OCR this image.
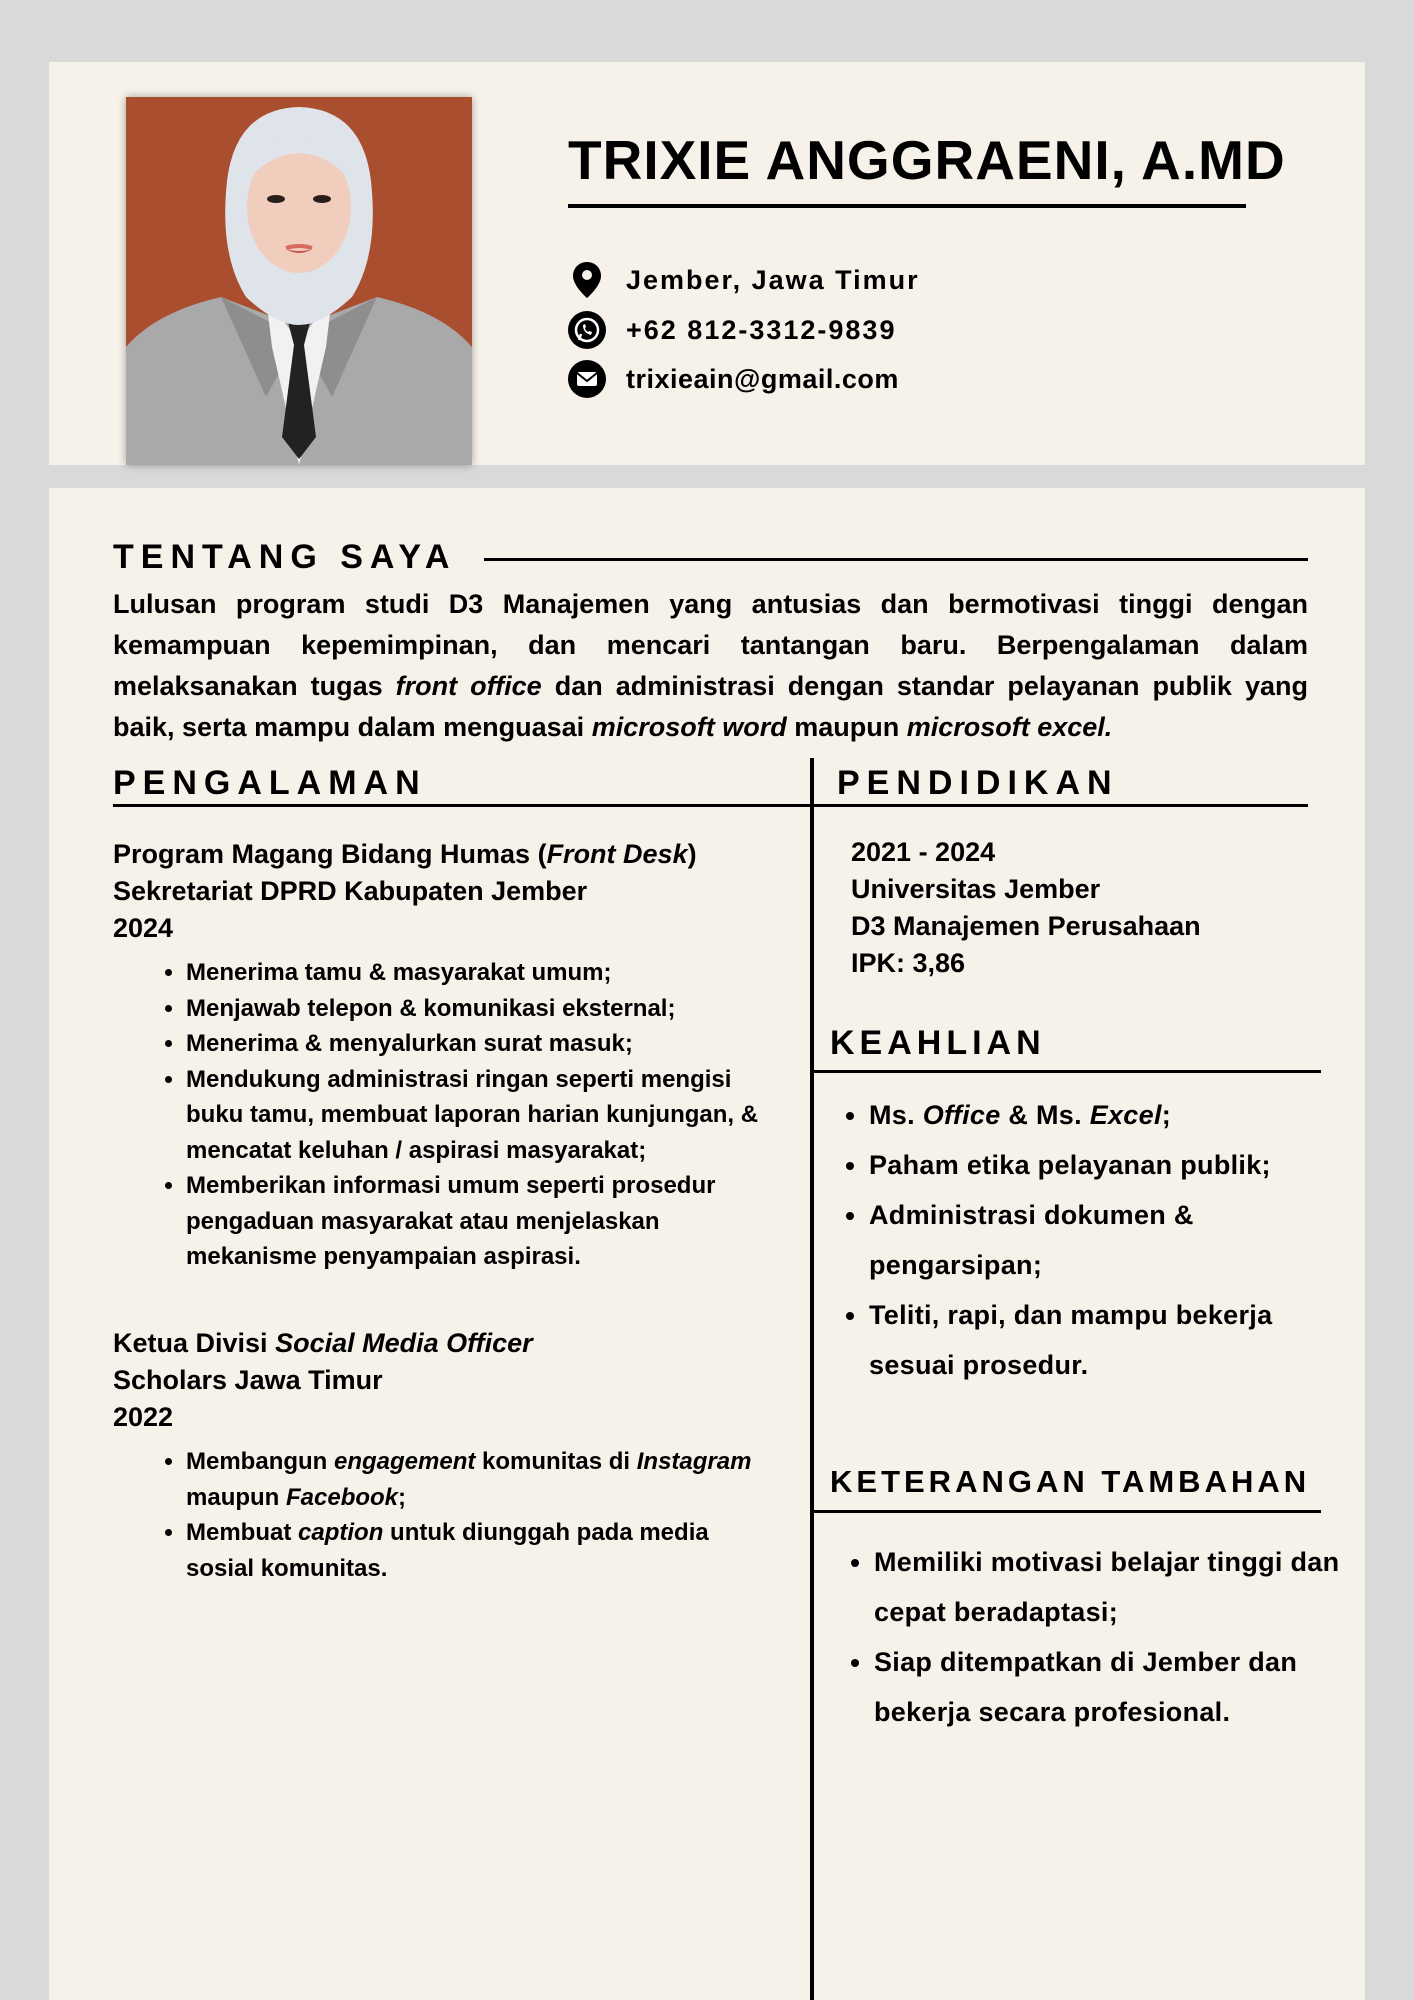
TRIXIE ANGGRAENI, A.MD
Jember, Jawa Timur
+62 812-3312-9839
trixieain@gmail.com
TENTANG SAYA
Lulusan program studi D3 Manajemen yang antusias dan bermotivasi tinggi dengan kemampuan kepemimpinan, dan mencari tantangan baru. Berpengalaman dalam melaksanakan tugas front office dan administrasi dengan standar pelayanan publik yang baik, serta mampu dalam menguasai microsoft word maupun microsoft excel.
PENGALAMAN
Program Magang Bidang Humas (Front Desk)
Sekretariat DPRD Kabupaten Jember
2024
• Menerima tamu & masyarakat umum;
• Menjawab telepon & komunikasi eksternal;
• Menerima & menyalurkan surat masuk;
• Mendukung administrasi ringan seperti mengisi buku tamu, membuat laporan harian kunjungan, & mencatat keluhan / aspirasi masyarakat;
• Memberikan informasi umum seperti prosedur pengaduan masyarakat atau menjelaskan mekanisme penyampaian aspirasi.
Ketua Divisi Social Media Officer
Scholars Jawa Timur
2022
• Membangun engagement komunitas di Instagram maupun Facebook;
• Membuat caption untuk diunggah pada media sosial komunitas.
PENDIDIKAN
2021 - 2024
Universitas Jember
D3 Manajemen Perusahaan
IPK: 3,86
KEAHLIAN
• Ms. Office & Ms. Excel;
• Paham etika pelayanan publik;
• Administrasi dokumen & pengarsipan;
• Teliti, rapi, dan mampu bekerja sesuai prosedur.
KETERANGAN TAMBAHAN
• Memiliki motivasi belajar tinggi dan cepat beradaptasi;
• Siap ditempatkan di Jember dan bekerja secara profesional.
